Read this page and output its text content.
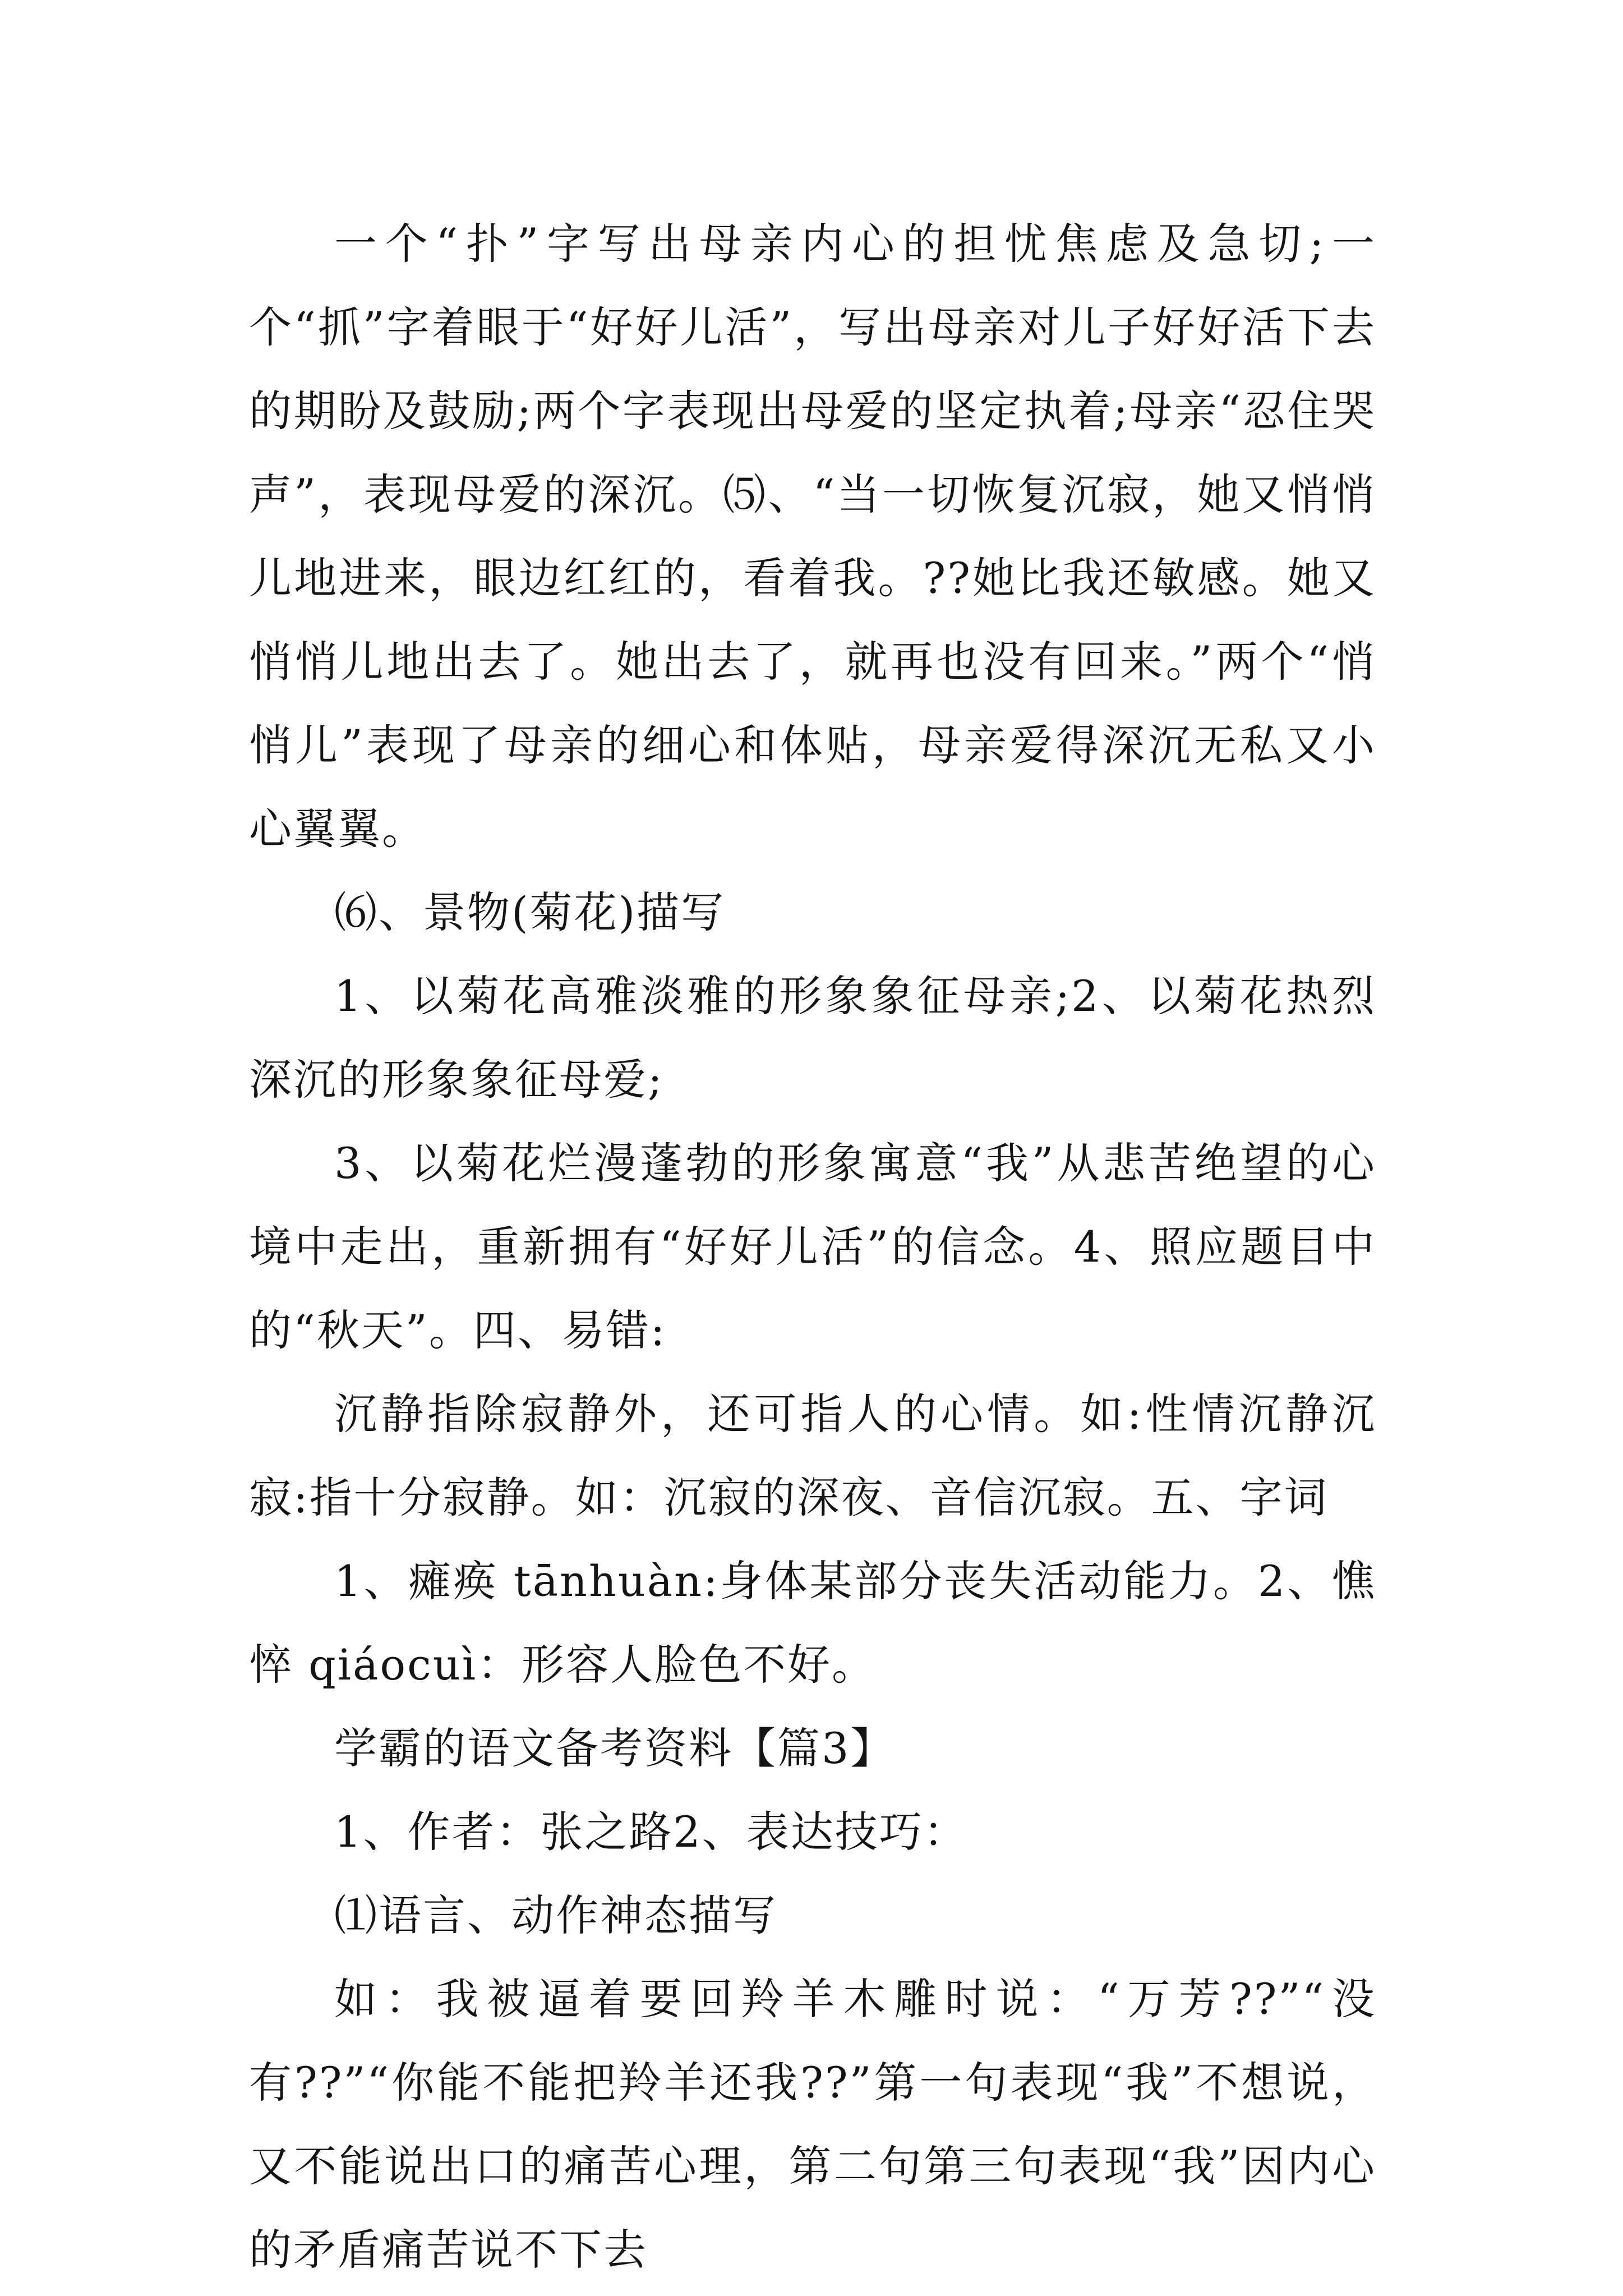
一个“扑”字写出母亲内心的担忧焦虑及急切;一个“抓”字着眼于“好好儿活”，写出母亲对儿子好好活下去的期盼及鼓励;两个字表现出母爱的坚定执着;母亲“忍住哭声”，表现母爱的深沉。⑸、“当一切恢复沉寂，她又悄悄儿地进来，眼边红红的，看着我。??她比我还敏感。她又悄悄儿地出去了。她出去了，就再也没有回来。”两个“悄悄儿”表现了母亲的细心和体贴，母亲爱得深沉无私又小心翼翼。

⑹、景物(菊花)描写

1、以菊花高雅淡雅的形象象征母亲;2、以菊花热烈深沉的形象象征母爱;

3、以菊花烂漫蓬勃的形象寓意“我”从悲苦绝望的心境中走出，重新拥有“好好儿活”的信念。4、照应题目中的“秋天”。四、易错:

沉静指除寂静外，还可指人的心情。如:性情沉静沉寂:指十分寂静。如：沉寂的深夜、音信沉寂。五、字词

1、瘫痪 tānhuàn:身体某部分丧失活动能力。2、憔悴 qiáocuì：形容人脸色不好。

学霸的语文备考资料【篇3】

1、作者：张之路2、表达技巧：

⑴语言、动作神态描写

如：我被逼着要回羚羊木雕时说：“万芳??”“没有??”“你能不能把羚羊还我??”第一句表现“我”不想说，又不能说出口的痛苦心理，第二句第三句表现“我”因内心的矛盾痛苦说不下去
